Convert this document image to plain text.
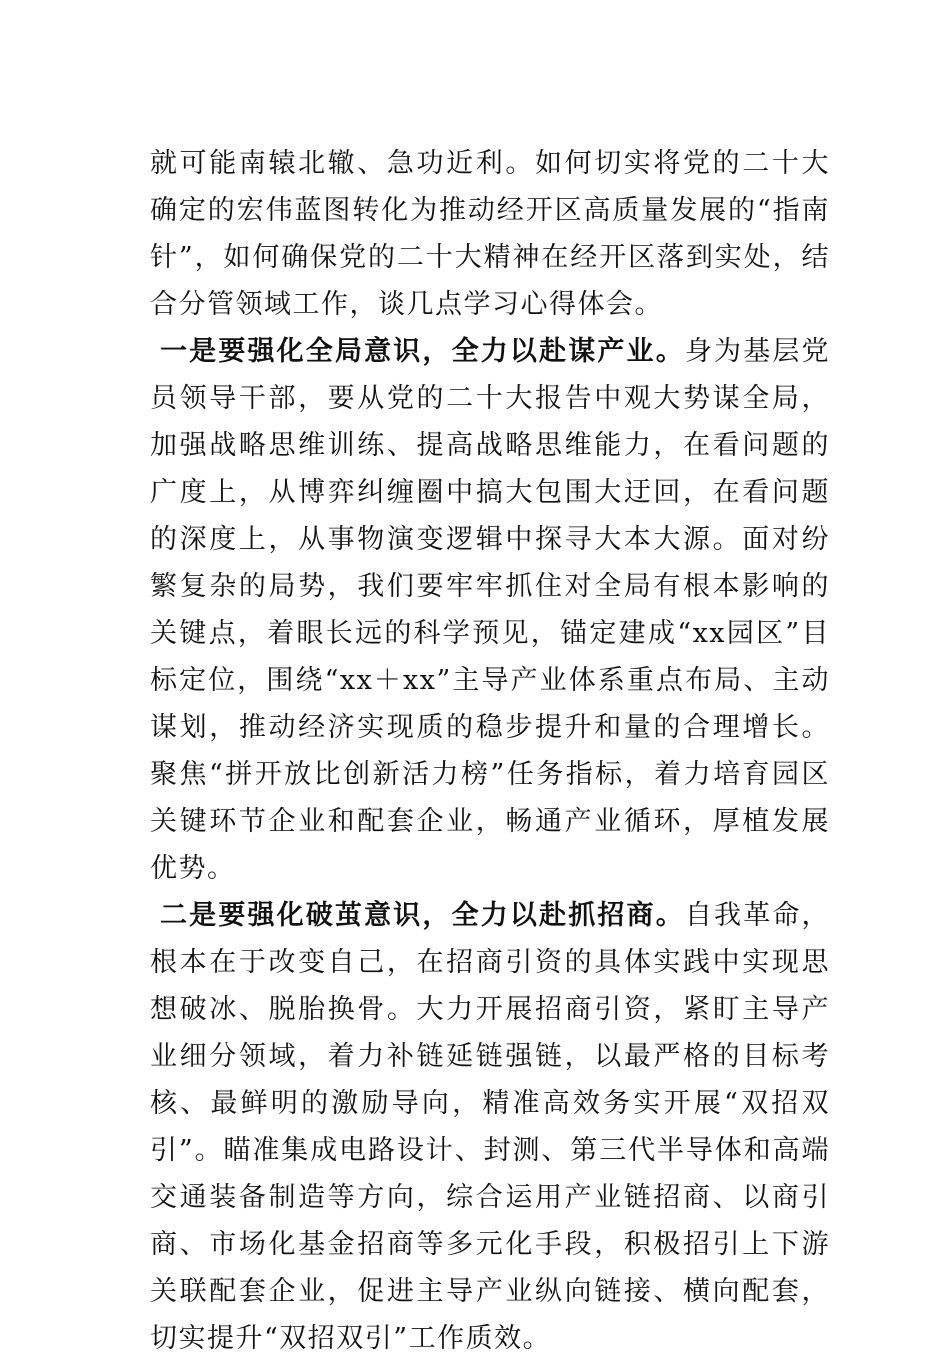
就可能南辕北辙、急功近利。如何切实将党的二十大确定的宏伟蓝图转化为推动经开区高质量发展的“指南针”，如何确保党的二十大精神在经开区落到实处，结合分管领域工作，谈几点学习心得体会。

一是要强化全局意识，全力以赴谋产业。身为基层党员领导干部，要从党的二十大报告中观大势谋全局，加强战略思维训练、提高战略思维能力，在看问题的广度上，从博弈纠缠圈中搞大包围大迂回，在看问题的深度上，从事物演变逻辑中探寻大本大源。面对纷繁复杂的局势，我们要牢牢抓住对全局有根本影响的关键点，着眼长远的科学预见，锚定建成“xx园区”目标定位，围绕“xx＋xx”主导产业体系重点布局、主动谋划，推动经济实现质的稳步提升和量的合理增长。聚焦“拼开放比创新活力榜”任务指标，着力培育园区关键环节企业和配套企业，畅通产业循环，厚植发展优势。

二是要强化破茧意识，全力以赴抓招商。自我革命，根本在于改变自己，在招商引资的具体实践中实现思想破冰、脱胎换骨。大力开展招商引资，紧盯主导产业细分领域，着力补链延链强链，以最严格的目标考核、最鲜明的激励导向，精准高效务实开展“双招双引”。瞄准集成电路设计、封测、第三代半导体和高端交通装备制造等方向，综合运用产业链招商、以商引商、市场化基金招商等多元化手段，积极招引上下游关联配套企业，促进主导产业纵向链接、横向配套，切实提升“双招双引”工作质效。
